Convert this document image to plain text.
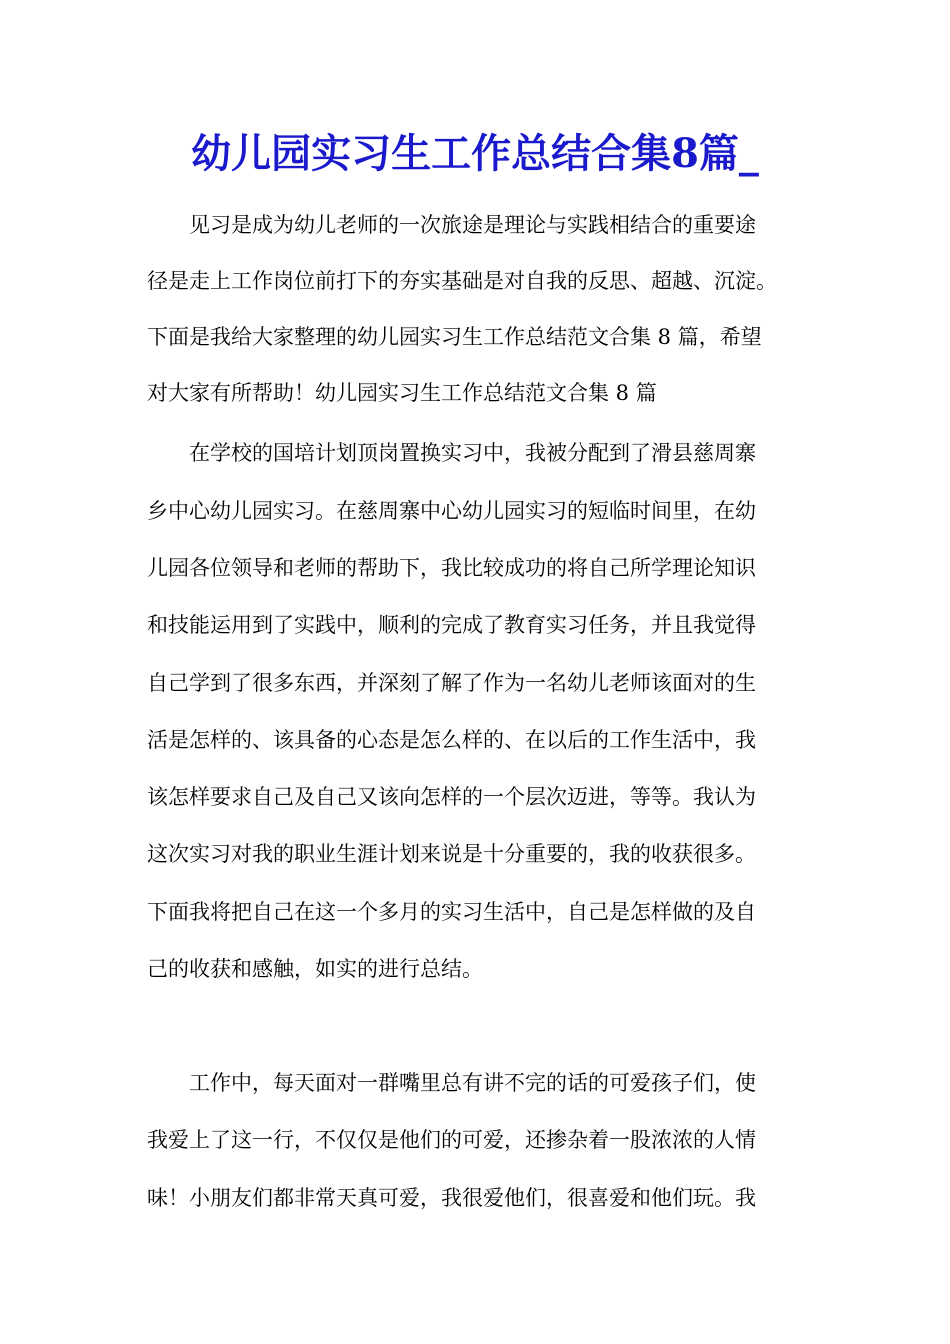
幼儿园实习生工作总结合集8篇_

见习是成为幼儿老师的一次旅途是理论与实践相结合的重要途

径是走上工作岗位前打下的夯实基础是对自我的反思、超越、沉淀。

下面是我给大家整理的幼儿园实习生工作总结范文合集 8 篇，希望

对大家有所帮助！幼儿园实习生工作总结范文合集 8 篇

在学校的国培计划顶岗置换实习中，我被分配到了滑县慈周寨

乡中心幼儿园实习。在慈周寨中心幼儿园实习的短临时间里，在幼

儿园各位领导和老师的帮助下，我比较成功的将自己所学理论知识

和技能运用到了实践中，顺利的完成了教育实习任务，并且我觉得

自己学到了很多东西，并深刻了解了作为一名幼儿老师该面对的生

活是怎样的、该具备的心态是怎么样的、在以后的工作生活中，我

该怎样要求自己及自己又该向怎样的一个层次迈进，等等。我认为

这次实习对我的职业生涯计划来说是十分重要的，我的收获很多。

下面我将把自己在这一个多月的实习生活中，自己是怎样做的及自

己的收获和感触，如实的进行总结。

工作中，每天面对一群嘴里总有讲不完的话的可爱孩子们，使

我爱上了这一行，不仅仅是他们的可爱，还掺杂着一股浓浓的人情

味！小朋友们都非常天真可爱，我很爱他们，很喜爱和他们玩。我
